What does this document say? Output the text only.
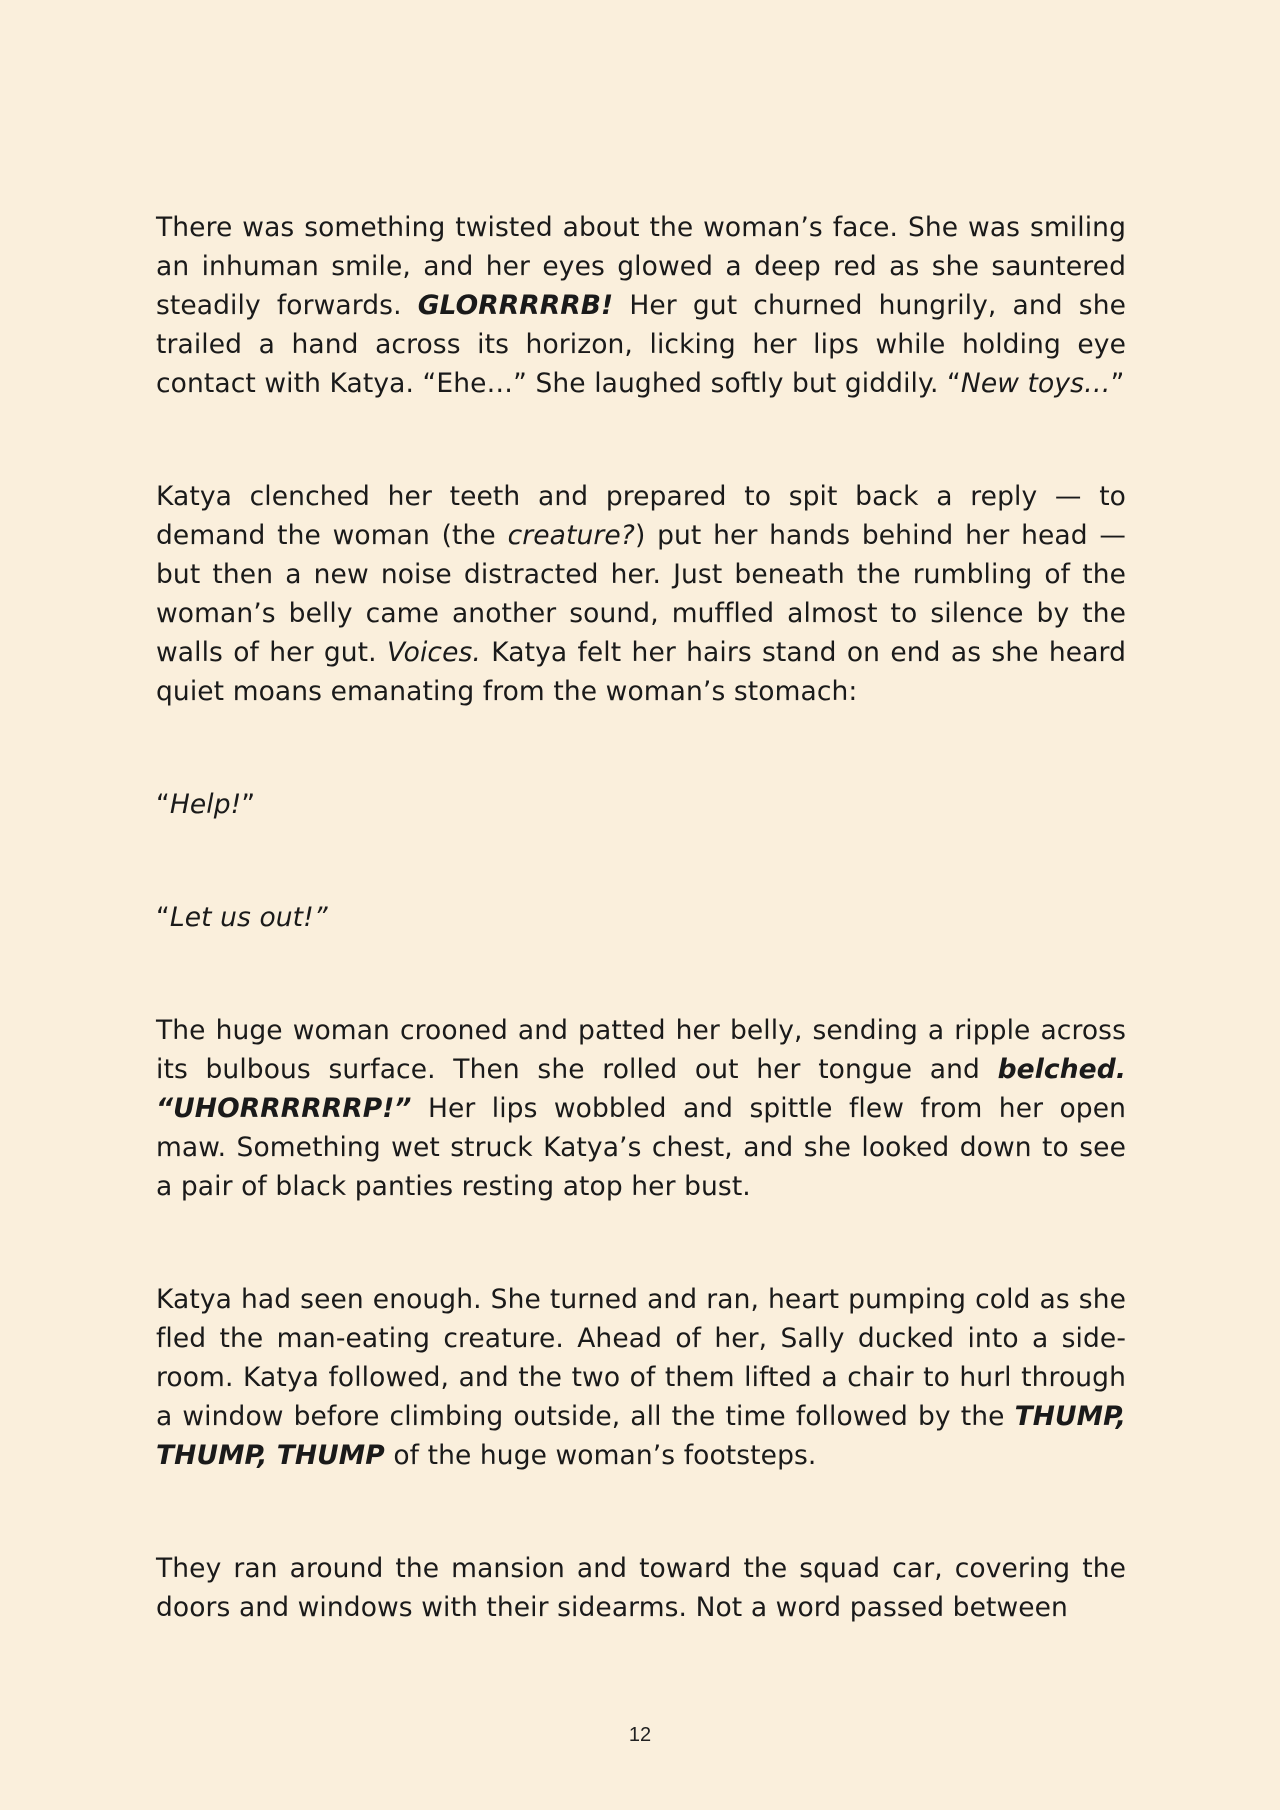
There was something twisted about the woman’s face. She was smiling an inhuman smile, and her eyes glowed a deep red as she sauntered steadily forwards. GLORRRRRB! Her gut churned hungrily, and she trailed a hand across its horizon, licking her lips while holding eye contact with Katya. “Ehe…” She laughed softly but giddily. “New toys…”

Katya clenched her teeth and prepared to spit back a reply — to demand the woman (the creature?) put her hands behind her head — but then a new noise distracted her. Just beneath the rumbling of the woman’s belly came another sound, muffled almost to silence by the walls of her gut. Voices. Katya felt her hairs stand on end as she heard quiet moans emanating from the woman’s stomach:

“Help!”

“Let us out!”

The huge woman crooned and patted her belly, sending a ripple across its bulbous surface. Then she rolled out her tongue and belched. “UHORRRRRRP!” Her lips wobbled and spittle flew from her open maw. Something wet struck Katya’s chest, and she looked down to see a pair of black panties resting atop her bust.

Katya had seen enough. She turned and ran, heart pumping cold as she fled the man-eating creature. Ahead of her, Sally ducked into a side-room. Katya followed, and the two of them lifted a chair to hurl through a window before climbing outside, all the time followed by the THUMP, THUMP, THUMP of the huge woman’s footsteps.

They ran around the mansion and toward the squad car, covering the doors and windows with their sidearms. Not a word passed between

12
